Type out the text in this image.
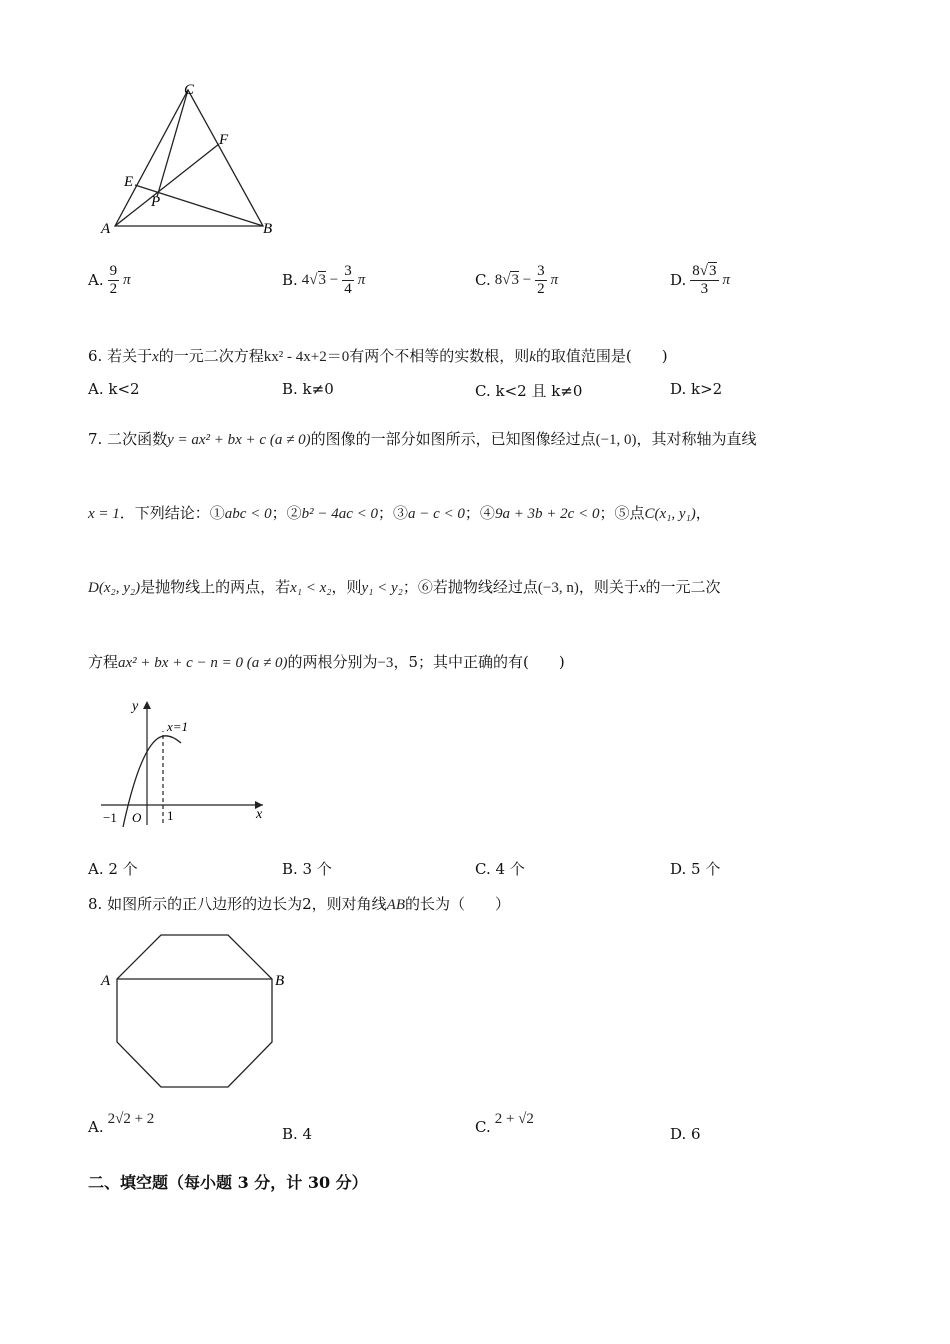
C
F
E
P
A	B
A. $\frac{9}{2}$ π	B. $4√3 - \frac{3}{4}$ π	C. $8√3 - \frac{3}{2}$ π	D. $\frac{8√3}{3}$ π
6. 若关于x的一元二次方程kx² - 4x+2＝0有两个不相等的实数根，则k的取值范围是(　　)
A. k<2	B. k≠0	C. k<2 且 k≠0	D. k>2
7. 二次函数y = ax² + bx + c (a ≠ 0)的图像的一部分如图所示，已知图像经过点(−1, 0)，其对称轴为直线
x = 1．下列结论：①abc < 0；②b² − 4ac < 0；③a − c < 0；④9a + 3b + 2c < 0；⑤点C(x₁, y₁)，
D(x₂, y₂)是抛物线上的两点，若x₁ < x₂，则y₁ < y₂；⑥若抛物线经过点(−3, n)，则关于x的一元二次
方程ax² + bx + c − n = 0 (a ≠ 0)的两根分别为−3，5；其中正确的有(　　)
y
x=1
x
−1 O 1
A. 2 个	B. 3 个	C. 4 个	D. 5 个
8. 如图所示的正八边形的边长为2，则对角线AB的长为（　　）
A	B
A. 2√2 + 2
B. 4	C. 2 + √2
D. 6
二、填空题（每小题 3 分，计 30 分）
